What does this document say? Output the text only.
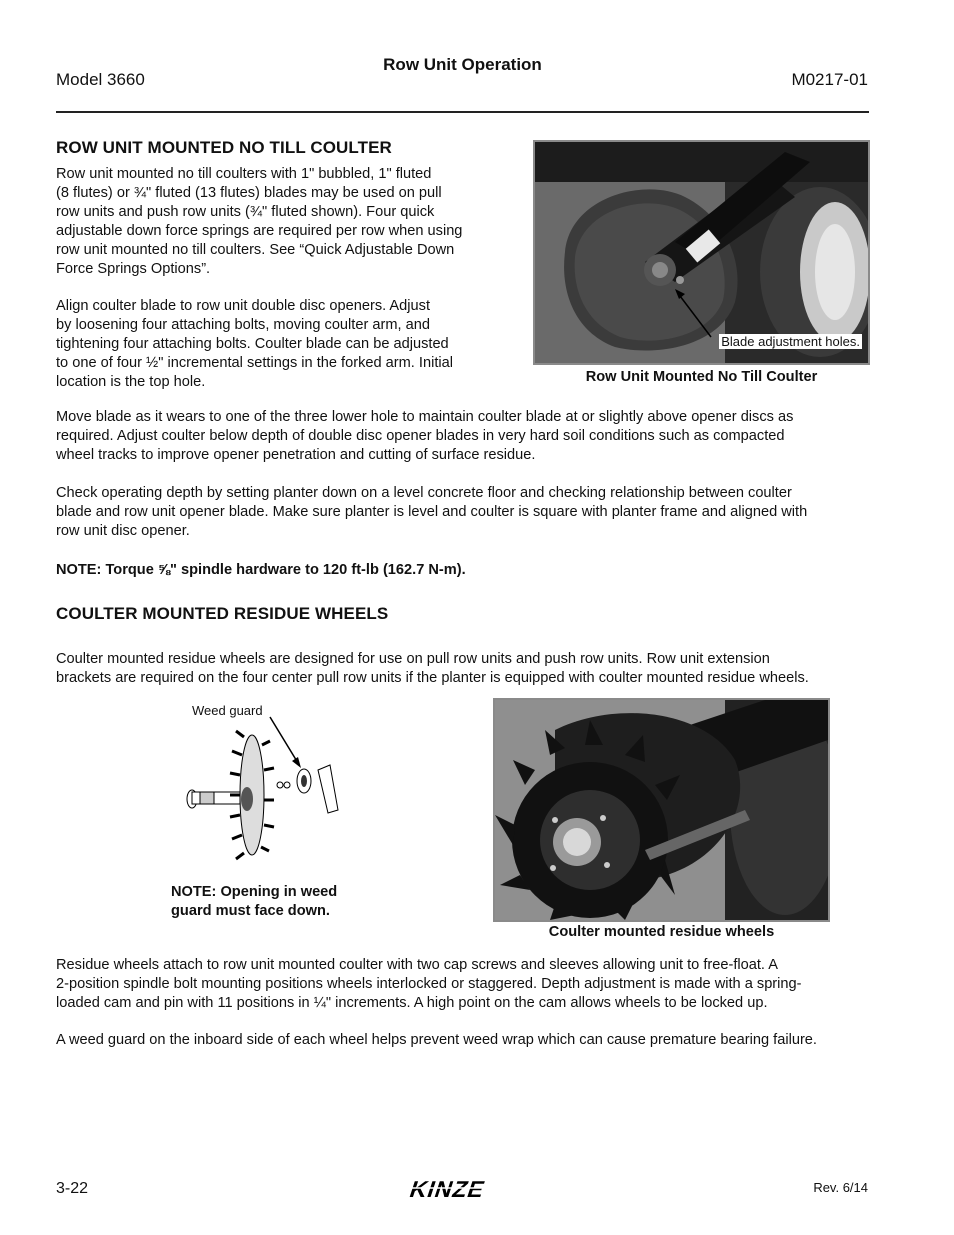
Row Unit Operation
Model 3660	M0217-01
ROW UNIT MOUNTED NO TILL COULTER

Row unit mounted no till coulters with 1" bubbled, 1" fluted

(8 flutes) or ¾" fluted (13 flutes) blades may be used on pull

row units and push row units (¾" fluted shown). Four quick

adjustable down force springs are required per row when using

row unit mounted no till coulters. See “Quick Adjustable Down

Force Springs Options”.

Align coulter blade to row unit double disc openers. Adjust

by loosening four attaching bolts, moving coulter arm, and

tightening four attaching bolts. Coulter blade can be adjusted

to one of four ½" incremental settings in the forked arm. Initial

location is the top hole.

Blade adjustment holes.
Row Unit Mounted No Till Coulter

Move blade as it wears to one of the three lower hole to maintain coulter blade at or slightly above opener discs as

required. Adjust coulter below depth of double disc opener blades in very hard soil conditions such as compacted

wheel tracks to improve opener penetration and cutting of surface residue.

Check operating depth by setting planter down on a level concrete floor and checking relationship between coulter

blade and row unit opener blade. Make sure planter is level and coulter is square with planter frame and aligned with

row unit disc opener.

NOTE: Torque ⅝" spindle hardware to 120 ft-lb (162.7 N-m).
COULTER MOUNTED RESIDUE WHEELS

Coulter mounted residue wheels are designed for use on pull row units and push row units. Row unit extension

brackets are required on the four center pull row units if the planter is equipped with coulter mounted residue wheels.

Weed guard
NOTE: Opening in weed
guard must face down.
Coulter mounted residue wheels

Residue wheels attach to row unit mounted coulter with two cap screws and sleeves allowing unit to free-float. A

2-position spindle bolt mounting positions wheels interlocked or staggered. Depth adjustment is made with a spring-

loaded cam and pin with 11 positions in ¼" increments. A high point on the cam allows wheels to be locked up.

A weed guard on the inboard side of each wheel helps prevent weed wrap which can cause premature bearing failure.

3-22	KINZE	Rev. 6/14
